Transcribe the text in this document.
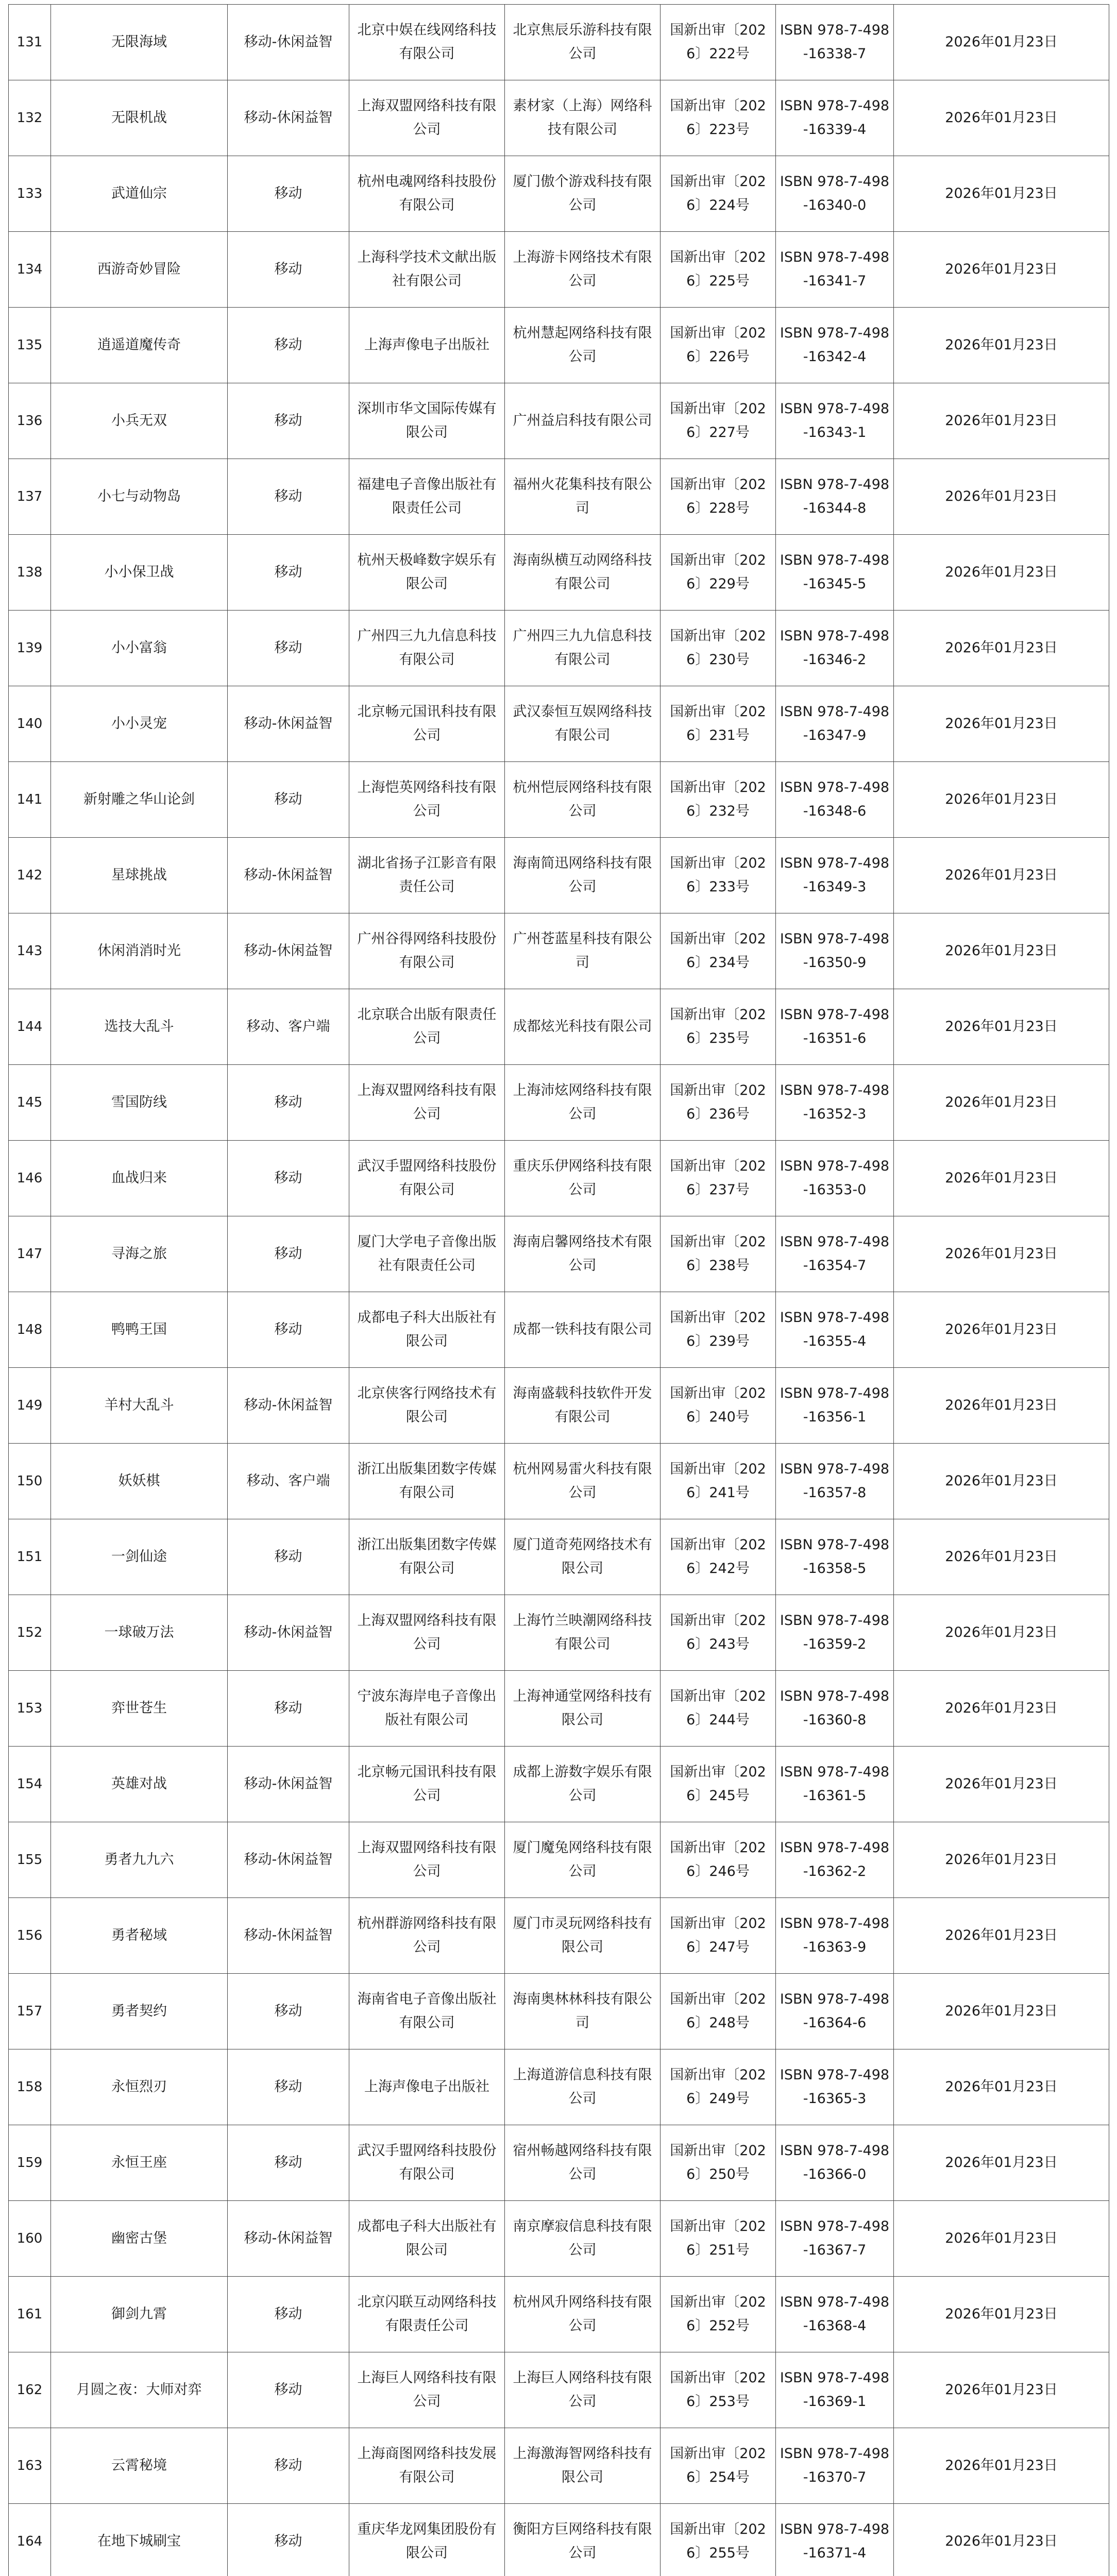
131	无限海域	移动-休闲益智	北京中娱在线网络科技有限公司	北京焦辰乐游科技有限公司	国新出审〔2026〕222号	ISBN 978-7-498-16338-7	2026年01月23日
132	无限机战	移动-休闲益智	上海双盟网络科技有限公司	素材家（上海）网络科技有限公司	国新出审〔2026〕223号	ISBN 978-7-498-16339-4	2026年01月23日
133	武道仙宗	移动	杭州电魂网络科技股份有限公司	厦门傲个游戏科技有限公司	国新出审〔2026〕224号	ISBN 978-7-498-16340-0	2026年01月23日
134	西游奇妙冒险	移动	上海科学技术文献出版社有限公司	上海游卡网络技术有限公司	国新出审〔2026〕225号	ISBN 978-7-498-16341-7	2026年01月23日
135	逍遥道魔传奇	移动	上海声像电子出版社	杭州慧起网络科技有限公司	国新出审〔2026〕226号	ISBN 978-7-498-16342-4	2026年01月23日
136	小兵无双	移动	深圳市华文国际传媒有限公司	广州益启科技有限公司	国新出审〔2026〕227号	ISBN 978-7-498-16343-1	2026年01月23日
137	小七与动物岛	移动	福建电子音像出版社有限责任公司	福州火花集科技有限公司	国新出审〔2026〕228号	ISBN 978-7-498-16344-8	2026年01月23日
138	小小保卫战	移动	杭州天极峰数字娱乐有限公司	海南纵横互动网络科技有限公司	国新出审〔2026〕229号	ISBN 978-7-498-16345-5	2026年01月23日
139	小小富翁	移动	广州四三九九信息科技有限公司	广州四三九九信息科技有限公司	国新出审〔2026〕230号	ISBN 978-7-498-16346-2	2026年01月23日
140	小小灵宠	移动-休闲益智	北京畅元国讯科技有限公司	武汉泰恒互娱网络科技有限公司	国新出审〔2026〕231号	ISBN 978-7-498-16347-9	2026年01月23日
141	新射雕之华山论剑	移动	上海恺英网络科技有限公司	杭州恺辰网络科技有限公司	国新出审〔2026〕232号	ISBN 978-7-498-16348-6	2026年01月23日
142	星球挑战	移动-休闲益智	湖北省扬子江影音有限责任公司	海南简迅网络科技有限公司	国新出审〔2026〕233号	ISBN 978-7-498-16349-3	2026年01月23日
143	休闲消消时光	移动-休闲益智	广州谷得网络科技股份有限公司	广州苍蓝星科技有限公司	国新出审〔2026〕234号	ISBN 978-7-498-16350-9	2026年01月23日
144	选技大乱斗	移动、客户端	北京联合出版有限责任公司	成都炫光科技有限公司	国新出审〔2026〕235号	ISBN 978-7-498-16351-6	2026年01月23日
145	雪国防线	移动	上海双盟网络科技有限公司	上海沛炫网络科技有限公司	国新出审〔2026〕236号	ISBN 978-7-498-16352-3	2026年01月23日
146	血战归来	移动	武汉手盟网络科技股份有限公司	重庆乐伊网络科技有限公司	国新出审〔2026〕237号	ISBN 978-7-498-16353-0	2026年01月23日
147	寻海之旅	移动	厦门大学电子音像出版社有限责任公司	海南启馨网络技术有限公司	国新出审〔2026〕238号	ISBN 978-7-498-16354-7	2026年01月23日
148	鸭鸭王国	移动	成都电子科大出版社有限公司	成都一铁科技有限公司	国新出审〔2026〕239号	ISBN 978-7-498-16355-4	2026年01月23日
149	羊村大乱斗	移动-休闲益智	北京侠客行网络技术有限公司	海南盛载科技软件开发有限公司	国新出审〔2026〕240号	ISBN 978-7-498-16356-1	2026年01月23日
150	妖妖棋	移动、客户端	浙江出版集团数字传媒有限公司	杭州网易雷火科技有限公司	国新出审〔2026〕241号	ISBN 978-7-498-16357-8	2026年01月23日
151	一剑仙途	移动	浙江出版集团数字传媒有限公司	厦门道奇苑网络技术有限公司	国新出审〔2026〕242号	ISBN 978-7-498-16358-5	2026年01月23日
152	一球破万法	移动-休闲益智	上海双盟网络科技有限公司	上海竹兰映潮网络科技有限公司	国新出审〔2026〕243号	ISBN 978-7-498-16359-2	2026年01月23日
153	弈世苍生	移动	宁波东海岸电子音像出版社有限公司	上海神通堂网络科技有限公司	国新出审〔2026〕244号	ISBN 978-7-498-16360-8	2026年01月23日
154	英雄对战	移动-休闲益智	北京畅元国讯科技有限公司	成都上游数字娱乐有限公司	国新出审〔2026〕245号	ISBN 978-7-498-16361-5	2026年01月23日
155	勇者九九六	移动-休闲益智	上海双盟网络科技有限公司	厦门魔兔网络科技有限公司	国新出审〔2026〕246号	ISBN 978-7-498-16362-2	2026年01月23日
156	勇者秘域	移动-休闲益智	杭州群游网络科技有限公司	厦门市灵玩网络科技有限公司	国新出审〔2026〕247号	ISBN 978-7-498-16363-9	2026年01月23日
157	勇者契约	移动	海南省电子音像出版社有限公司	海南奥林林科技有限公司	国新出审〔2026〕248号	ISBN 978-7-498-16364-6	2026年01月23日
158	永恒烈刃	移动	上海声像电子出版社	上海道游信息科技有限公司	国新出审〔2026〕249号	ISBN 978-7-498-16365-3	2026年01月23日
159	永恒王座	移动	武汉手盟网络科技股份有限公司	宿州畅越网络科技有限公司	国新出审〔2026〕250号	ISBN 978-7-498-16366-0	2026年01月23日
160	幽密古堡	移动-休闲益智	成都电子科大出版社有限公司	南京摩寂信息科技有限公司	国新出审〔2026〕251号	ISBN 978-7-498-16367-7	2026年01月23日
161	御剑九霄	移动	北京闪联互动网络科技有限责任公司	杭州风升网络科技有限公司	国新出审〔2026〕252号	ISBN 978-7-498-16368-4	2026年01月23日
162	月圆之夜：大师对弈	移动	上海巨人网络科技有限公司	上海巨人网络科技有限公司	国新出审〔2026〕253号	ISBN 978-7-498-16369-1	2026年01月23日
163	云霄秘境	移动	上海商图网络科技发展有限公司	上海激海智网络科技有限公司	国新出审〔2026〕254号	ISBN 978-7-498-16370-7	2026年01月23日
164	在地下城刷宝	移动	重庆华龙网集团股份有限公司	衡阳方巨网络科技有限公司	国新出审〔2026〕255号	ISBN 978-7-498-16371-4	2026年01月23日
